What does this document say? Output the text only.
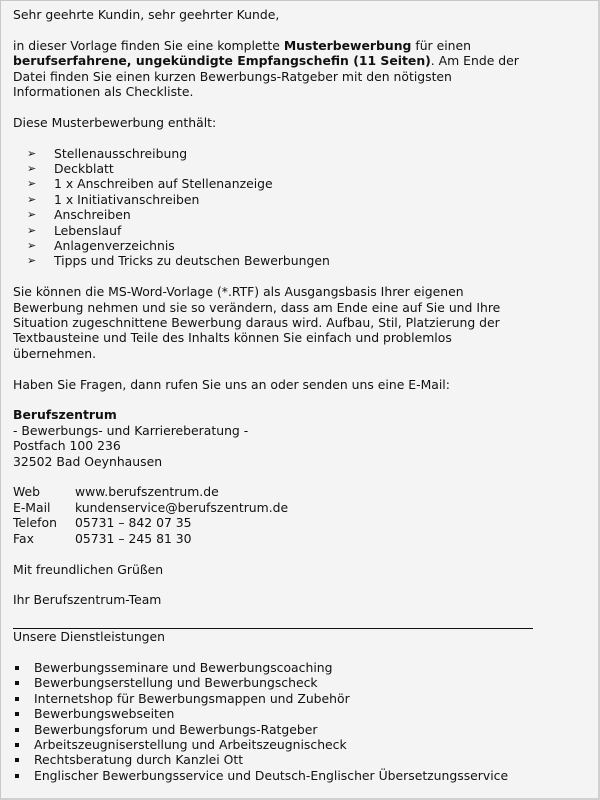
Sehr geehrte Kundin, sehr geehrter Kunde,

in dieser Vorlage finden Sie eine komplette Musterbewerbung für einen

berufserfahrene, ungekündigte Empfangschefin (11 Seiten). Am Ende der

Datei finden Sie einen kurzen Bewerbungs-Ratgeber mit den nötigsten

Informationen als Checkliste.

Diese Musterbewerbung enthält:

➢ Stellenausschreibung
➢ Deckblatt
➢ 1 x Anschreiben auf Stellenanzeige
➢ 1 x Initiativanschreiben
➢ Anschreiben
➢ Lebenslauf
➢ Anlagenverzeichnis
➢ Tipps und Tricks zu deutschen Bewerbungen

Sie können die MS-Word-Vorlage (*.RTF) als Ausgangsbasis Ihrer eigenen

Bewerbung nehmen und sie so verändern, dass am Ende eine auf Sie und Ihre

Situation zugeschnittene Bewerbung daraus wird. Aufbau, Stil, Platzierung der

Textbausteine und Teile des Inhalts können Sie einfach und problemlos

übernehmen.

Haben Sie Fragen, dann rufen Sie uns an oder senden uns eine E-Mail:

Berufszentrum

- Bewerbungs- und Karriereberatung -

Postfach 100 236

32502 Bad Oeynhausen

Web	www.berufszentrum.de
E-Mail	kundenservice@berufszentrum.de
Telefon	05731 – 842 07 35
Fax	05731 – 245 81 30

Mit freundlichen Grüßen

Ihr Berufszentrum-Team

Unsere Dienstleistungen

Bewerbungsseminare und Bewerbungscoaching
Bewerbungserstellung und Bewerbungscheck
Internetshop für Bewerbungsmappen und Zubehör
Bewerbungswebseiten
Bewerbungsforum und Bewerbungs-Ratgeber
Arbeitszeugniserstellung und Arbeitszeugnischeck
Rechtsberatung durch Kanzlei Ott
Englischer Bewerbungsservice und Deutsch-Englischer Übersetzungsservice
